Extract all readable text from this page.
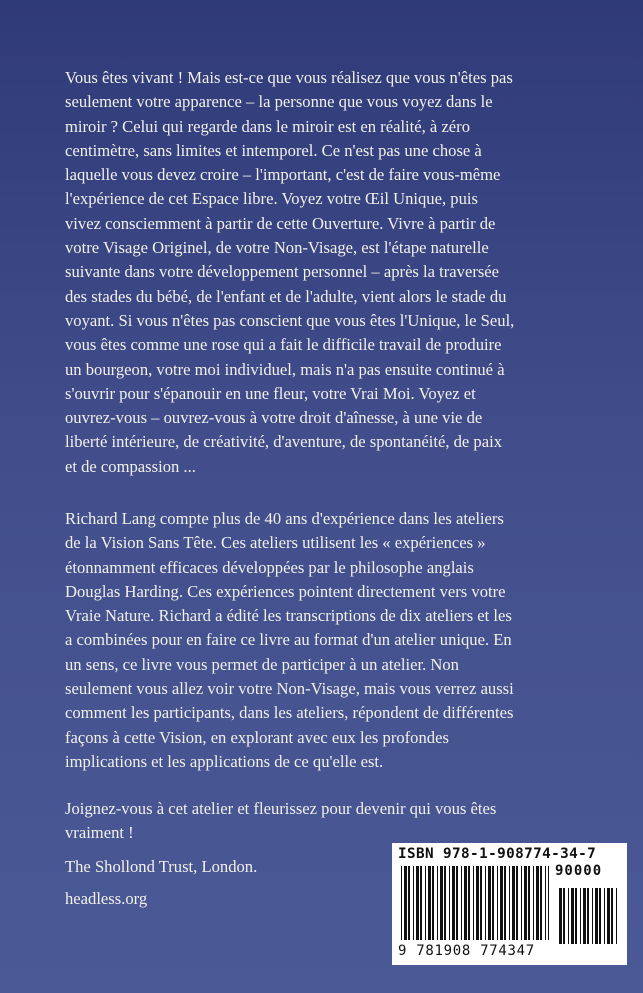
Vous êtes vivant ! Mais est-ce que vous réalisez que vous n'êtes pas
seulement votre apparence – la personne que vous voyez dans le
miroir ? Celui qui regarde dans le miroir est en réalité, à zéro
centimètre, sans limites et intemporel. Ce n'est pas une chose à
laquelle vous devez croire – l'important, c'est de faire vous-même
l'expérience de cet Espace libre. Voyez votre Œil Unique, puis
vivez consciemment à partir de cette Ouverture. Vivre à partir de
votre Visage Originel, de votre Non-Visage, est l'étape naturelle
suivante dans votre développement personnel – après la traversée
des stades du bébé, de l'enfant et de l'adulte, vient alors le stade du
voyant. Si vous n'êtes pas conscient que vous êtes l'Unique, le Seul,
vous êtes comme une rose qui a fait le difficile travail de produire
un bourgeon, votre moi individuel, mais n'a pas ensuite continué à
s'ouvrir pour s'épanouir en une fleur, votre Vrai Moi. Voyez et
ouvrez-vous – ouvrez-vous à votre droit d'aînesse, à une vie de
liberté intérieure, de créativité, d'aventure, de spontanéité, de paix
et de compassion ...
Richard Lang compte plus de 40 ans d'expérience dans les ateliers
de la Vision Sans Tête. Ces ateliers utilisent les « expériences »
étonnamment efficaces développées par le philosophe anglais
Douglas Harding. Ces expériences pointent directement vers votre
Vraie Nature. Richard a édité les transcriptions de dix ateliers et les
a combinées pour en faire ce livre au format d'un atelier unique. En
un sens, ce livre vous permet de participer à un atelier. Non
seulement vous allez voir votre Non-Visage, mais vous verrez aussi
comment les participants, dans les ateliers, répondent de différentes
façons à cette Vision, en explorant avec eux les profondes
implications et les applications de ce qu'elle est.
Joignez-vous à cet atelier et fleurissez pour devenir qui vous êtes
vraiment !
The Shollond Trust, London.
headless.org
ISBN 978-1-908774-34-7
90000
9 781908 774347
